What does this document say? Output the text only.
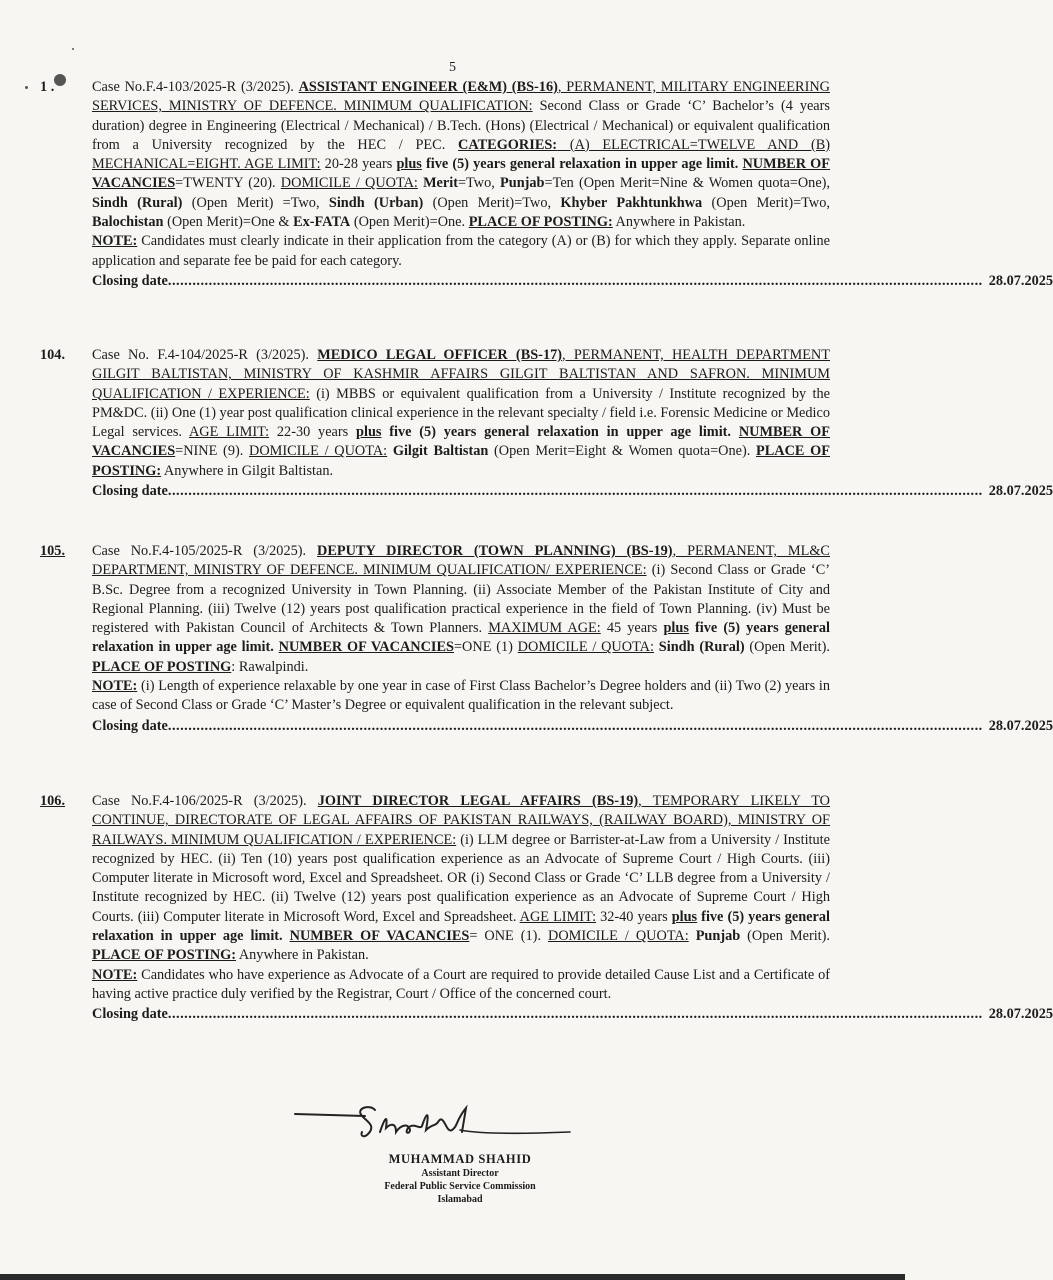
5
1 .	Case No.F.4-103/2025-R (3/2025). ASSISTANT ENGINEER (E&M) (BS-16), PERMANENT, MILITARY ENGINEERING SERVICES, MINISTRY OF DEFENCE. MINIMUM QUALIFICATION: Second Class or Grade ‘C’ Bachelor’s (4 years duration) degree in Engineering (Electrical / Mechanical) / B.Tech. (Hons) (Electrical / Mechanical) or equivalent qualification from a University recognized by the HEC / PEC. CATEGORIES: (A) ELECTRICAL=TWELVE AND (B) MECHANICAL=EIGHT. AGE LIMIT: 20-28 years plus five (5) years general relaxation in upper age limit. NUMBER OF VACANCIES=TWENTY (20). DOMICILE / QUOTA: Merit=Two, Punjab=Ten (Open Merit=Nine & Women quota=One), Sindh (Rural) (Open Merit) =Two, Sindh (Urban) (Open Merit)=Two, Khyber Pakhtunkhwa (Open Merit)=Two, Balochistan (Open Merit)=One & Ex-FATA (Open Merit)=One. PLACE OF POSTING: Anywhere in Pakistan.
NOTE: Candidates must clearly indicate in their application from the category (A) or (B) for which they apply. Separate online application and separate fee be paid for each category.
Closing date ........................................................................................................................................................................................................ 28.07.2025
104.	Case No. F.4-104/2025-R (3/2025). MEDICO LEGAL OFFICER (BS-17), PERMANENT, HEALTH DEPARTMENT GILGIT BALTISTAN, MINISTRY OF KASHMIR AFFAIRS GILGIT BALTISTAN AND SAFRON. MINIMUM QUALIFICATION / EXPERIENCE: (i) MBBS or equivalent qualification from a University / Institute recognized by the PM&DC. (ii) One (1) year post qualification clinical experience in the relevant specialty / field i.e. Forensic Medicine or Medico Legal services. AGE LIMIT: 22-30 years plus five (5) years general relaxation in upper age limit. NUMBER OF VACANCIES=NINE (9). DOMICILE / QUOTA: Gilgit Baltistan (Open Merit=Eight & Women quota=One). PLACE OF POSTING: Anywhere in Gilgit Baltistan.
Closing date ........................................................................................................................................................................................................ 28.07.2025
105.	Case No.F.4-105/2025-R (3/2025). DEPUTY DIRECTOR (TOWN PLANNING) (BS-19), PERMANENT, ML&C DEPARTMENT, MINISTRY OF DEFENCE. MINIMUM QUALIFICATION/ EXPERIENCE: (i) Second Class or Grade ‘C’ B.Sc. Degree from a recognized University in Town Planning. (ii) Associate Member of the Pakistan Institute of City and Regional Planning. (iii) Twelve (12) years post qualification practical experience in the field of Town Planning. (iv) Must be registered with Pakistan Council of Architects & Town Planners. MAXIMUM AGE: 45 years plus five (5) years general relaxation in upper age limit. NUMBER OF VACANCIES=ONE (1) DOMICILE / QUOTA: Sindh (Rural) (Open Merit). PLACE OF POSTING: Rawalpindi.
NOTE: (i) Length of experience relaxable by one year in case of First Class Bachelor’s Degree holders and (ii) Two (2) years in case of Second Class or Grade ‘C’ Master’s Degree or equivalent qualification in the relevant subject.
Closing date ........................................................................................................................................................................................................ 28.07.2025
106.	Case No.F.4-106/2025-R (3/2025). JOINT DIRECTOR LEGAL AFFAIRS (BS-19), TEMPORARY LIKELY TO CONTINUE, DIRECTORATE OF LEGAL AFFAIRS OF PAKISTAN RAILWAYS, (RAILWAY BOARD), MINISTRY OF RAILWAYS. MINIMUM QUALIFICATION / EXPERIENCE: (i) LLM degree or Barrister-at-Law from a University / Institute recognized by HEC. (ii) Ten (10) years post qualification experience as an Advocate of Supreme Court / High Courts. (iii) Computer literate in Microsoft word, Excel and Spreadsheet. OR (i) Second Class or Grade ‘C’ LLB degree from a University / Institute recognized by HEC. (ii) Twelve (12) years post qualification experience as an Advocate of Supreme Court / High Courts. (iii) Computer literate in Microsoft Word, Excel and Spreadsheet. AGE LIMIT: 32-40 years plus five (5) years general relaxation in upper age limit. NUMBER OF VACANCIES= ONE (1). DOMICILE / QUOTA: Punjab (Open Merit). PLACE OF POSTING: Anywhere in Pakistan.
NOTE: Candidates who have experience as Advocate of a Court are required to provide detailed Cause List and a Certificate of having active practice duly verified by the Registrar, Court / Office of the concerned court.
Closing date ........................................................................................................................................................................................................ 28.07.2025
MUHAMMAD SHAHID
Assistant Director
Federal Public Service Commission
Islamabad
